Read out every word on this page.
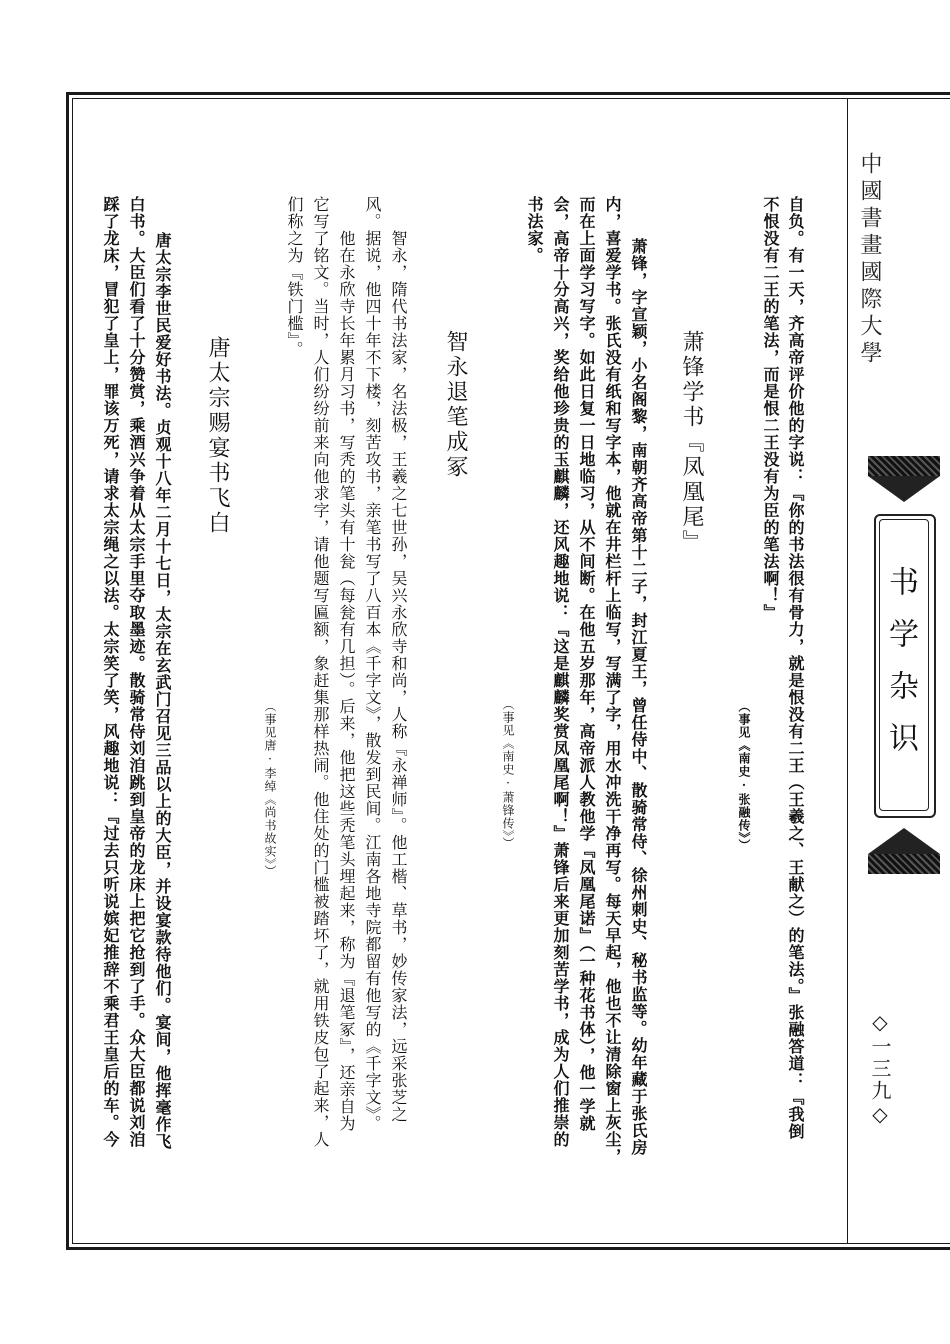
中國書畫國際大學
书学杂识
◇一三九◇
自负。有一天，齐高帝评价他的字说：『你的书法很有骨力，就是恨没有二王（王羲之、王献之）的笔法。』张融答道：『我倒
不恨没有二王的笔法，而是恨二王没有为臣的笔法啊！』
（事见《南史·张融传》）
萧锋学书『凤凰尾』
萧锋，字宣颖，小名阁黎，南朝齐高帝第十二子，封江夏王，曾任侍中、散骑常侍、徐州刺史、秘书监等。幼年藏于张氏房
内，喜爱学书。张氏没有纸和写字本，他就在井栏杆上临写，写满了字，用水冲洗干净再写。每天早起，他也不让清除窗上灰尘，
而在上面学习写字。如此日复一日地临习，从不间断。在他五岁那年，高帝派人教他学『凤凰尾诺』（一种花书体），他一学就
会，高帝十分高兴，奖给他珍贵的玉麒麟，还风趣地说：『这是麒麟奖赏凤凰尾啊！』萧锋后来更加刻苦学书，成为人们推崇的
书法家。
（事见《南史·萧锋传》）
智永退笔成冢
智永，隋代书法家，名法极，王羲之七世孙，吴兴永欣寺和尚，人称『永禅师』。他工楷、草书，妙传家法，远采张芝之
风。据说，他四十年不下楼，刻苦攻书，亲笔书写了八百本《千字文》，散发到民间。江南各地寺院都留有他写的《千字文》。
他在永欣寺长年累月习书，写秃的笔头有十瓮（每瓮有几担）。后来，他把这些秃笔头埋起来，称为『退笔冢』，还亲自为
它写了铭文。当时，人们纷纷前来向他求字，请他题写匾额，象赶集那样热闹。他住处的门槛被踏坏了，就用铁皮包了起来，人
们称之为『铁门槛』。
（事见唐·李绰《尚书故实》）
唐太宗赐宴书飞白
唐太宗李世民爱好书法。贞观十八年二月十七日，太宗在玄武门召见三品以上的大臣，并设宴款待他们。宴间，他挥毫作飞
白书。大臣们看了十分赞赏，乘酒兴争着从太宗手里夺取墨迹。散骑常侍刘洎跳到皇帝的龙床上把它抢到了手。众大臣都说刘洎
踩了龙床，冒犯了皇上，罪该万死，请求太宗绳之以法。太宗笑了笑，风趣地说：『过去只听说嫔妃推辞不乘君王皇后的车。今
